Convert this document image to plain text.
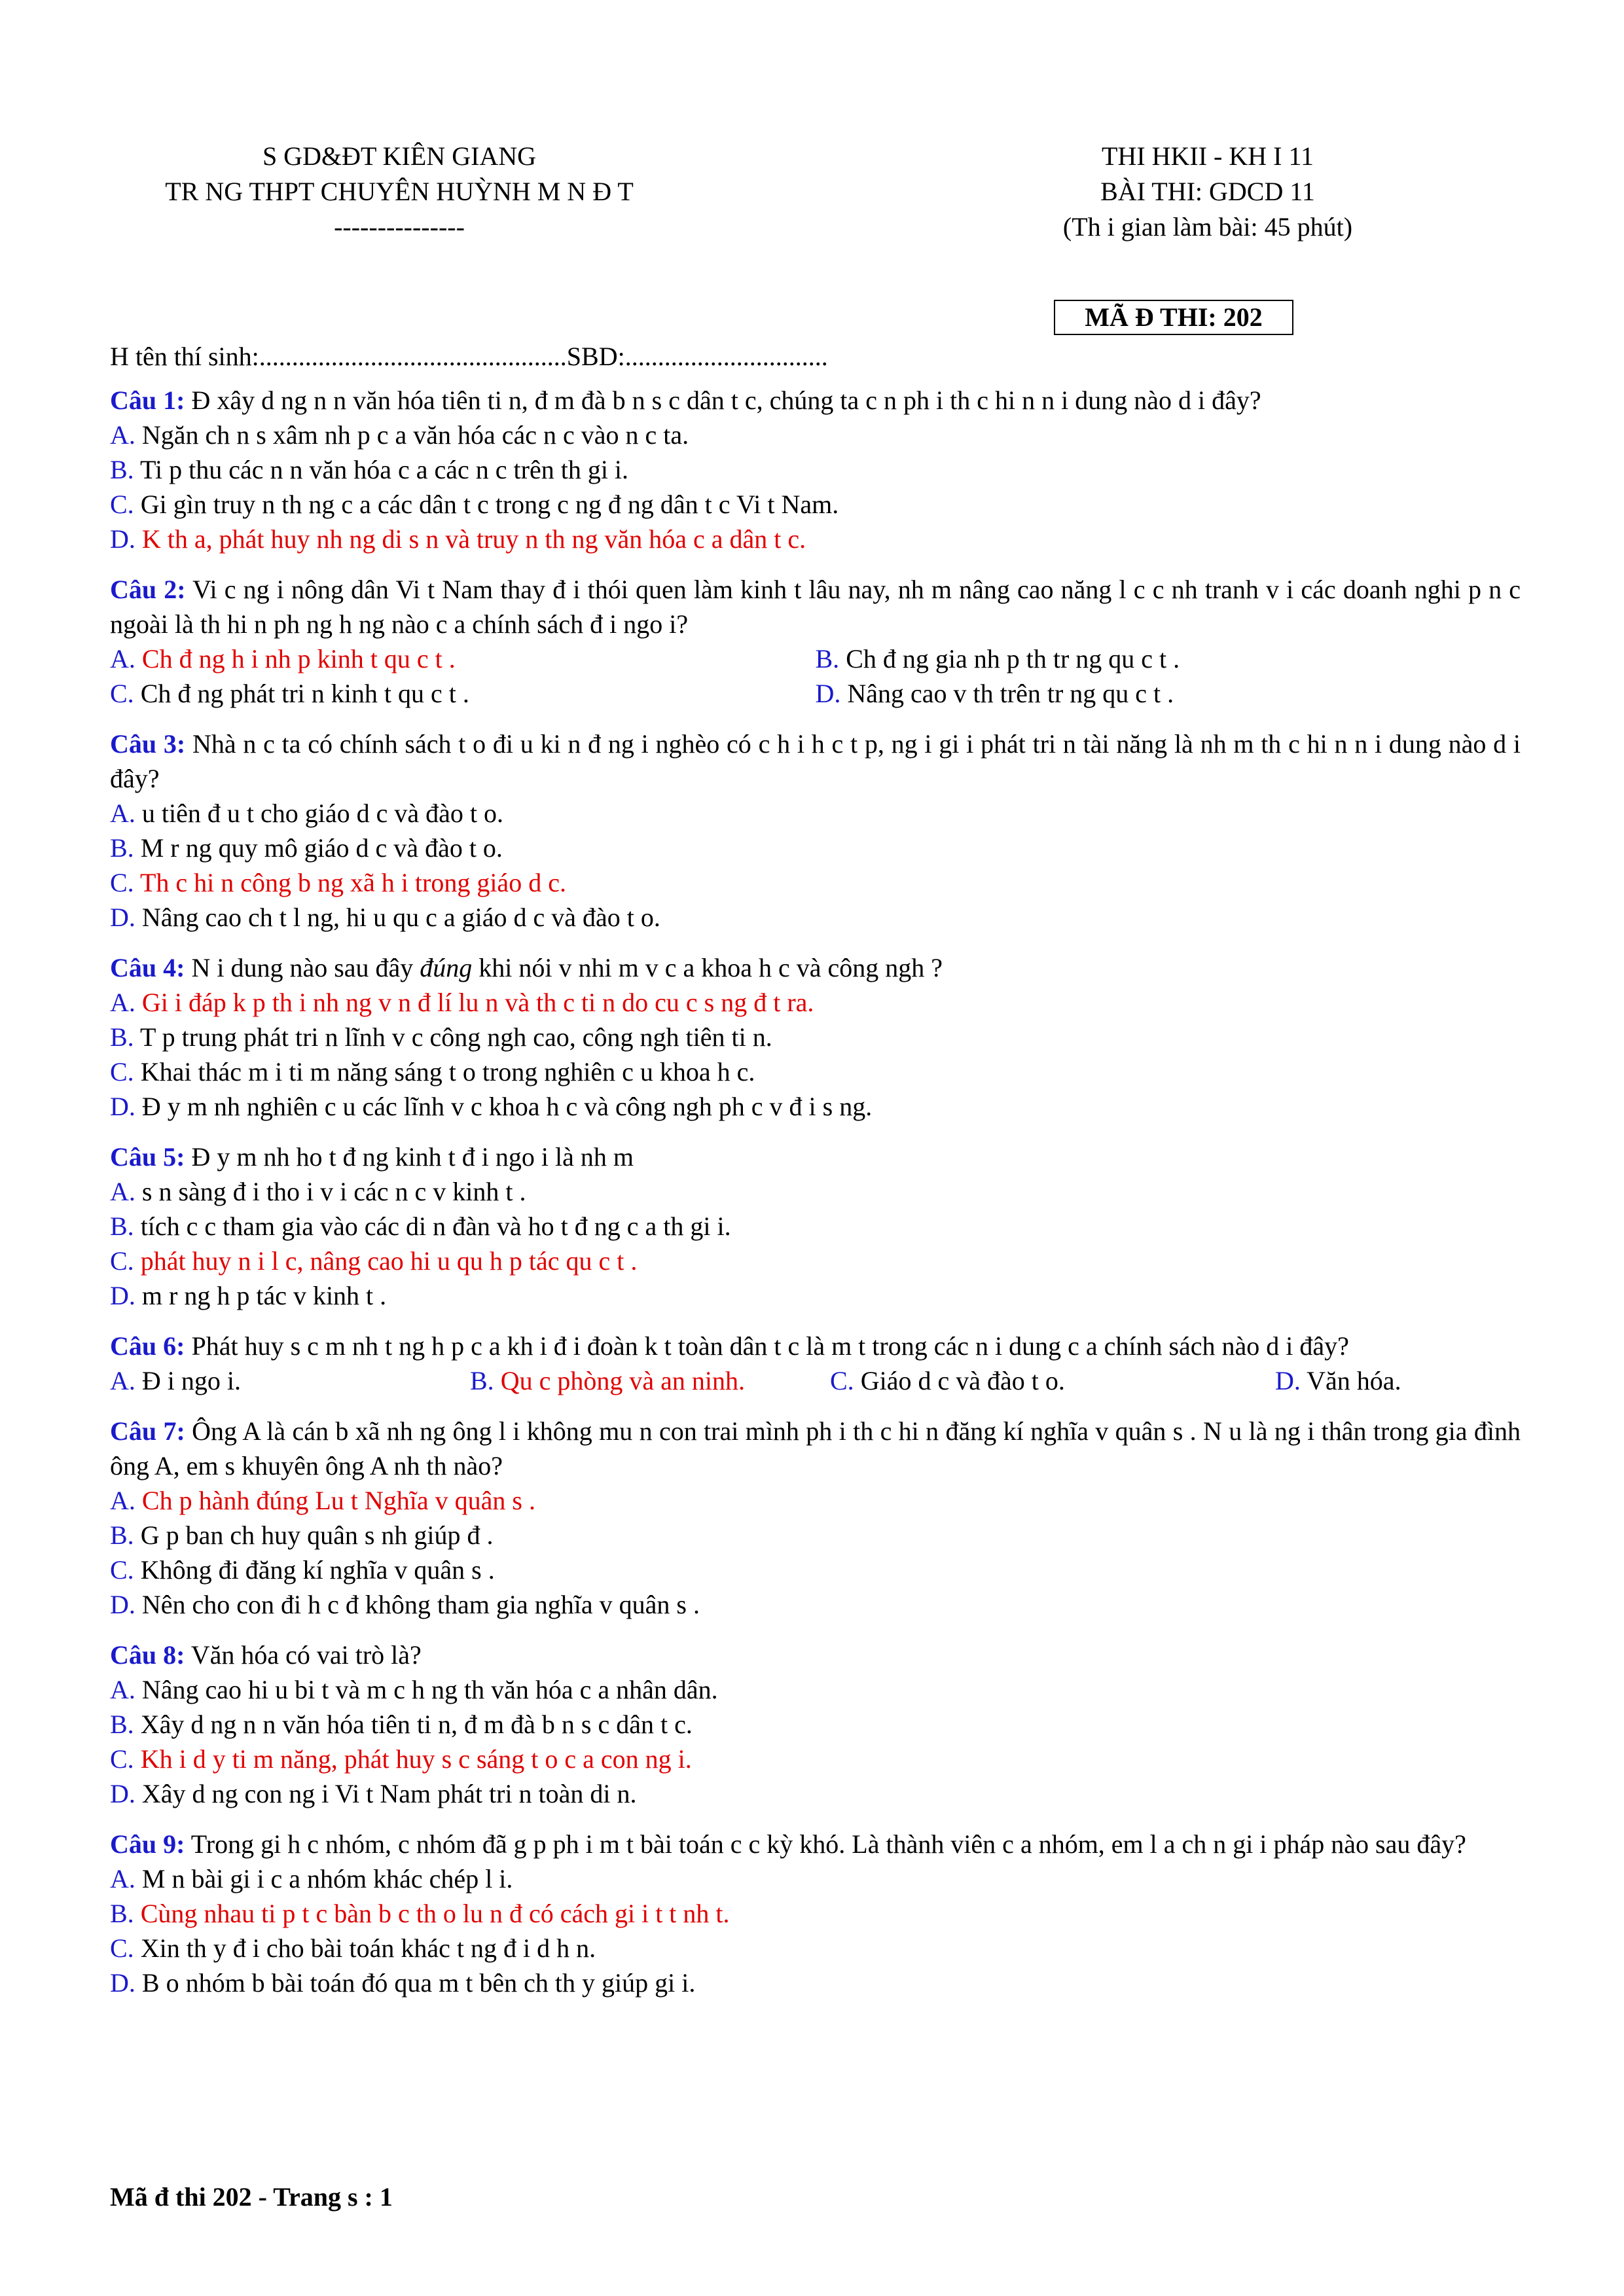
S GD&ĐT KIÊN GIANG
TR NG THPT CHUYÊN HUỲNH M N Đ T
---------------
THI HKII - KH I 11
BÀI THI: GDCD 11
(Th i gian làm bài: 45 phút)
MÃ Đ THI: 202
H tên thí sinh:...............................................SBD:...............................
Câu 1: Đ xây d ng n n văn hóa tiên ti n, đ m đà b n s c dân t c, chúng ta c n ph i th c hi n n i dung nào d i đây?
A. Ngăn ch n s xâm nh p c a văn hóa các n c vào n c ta.
B. Ti p thu các n n văn hóa c a các n c trên th gi i.
C. Gi gìn truy n th ng c a các dân t c trong c ng đ ng dân t c Vi t Nam.
D. K th a, phát huy nh ng di s n và truy n th ng văn hóa c a dân t c.
Câu 2: Vi c ng i nông dân Vi t Nam thay đ i thói quen làm kinh t lâu nay, nh m nâng cao năng l c c nh tranh v i các doanh nghi p n c ngoài là th hi n ph ng h ng nào c a chính sách đ i ngo i?
A. Ch đ ng h i nh p kinh t qu c t .	B. Ch đ ng gia nh p th tr ng qu c t .
C. Ch đ ng phát tri n kinh t qu c t .	D. Nâng cao v th trên tr ng qu c t .
Câu 3: Nhà n c ta có chính sách t o đi u ki n đ ng i nghèo có c h i h c t p, ng i gi i phát tri n tài năng là nh m th c hi n n i dung nào d i đây?
A. u tiên đ u t cho giáo d c và đào t o.
B. M r ng quy mô giáo d c và đào t o.
C. Th c hi n công b ng xã h i trong giáo d c.
D. Nâng cao ch t l ng, hi u qu c a giáo d c và đào t o.
Câu 4: N i dung nào sau đây đúng khi nói v nhi m v c a khoa h c và công ngh ?
A. Gi i đáp k p th i nh ng v n đ lí lu n và th c ti n do cu c s ng đ t ra.
B. T p trung phát tri n lĩnh v c công ngh cao, công ngh tiên ti n.
C. Khai thác m i ti m năng sáng t o trong nghiên c u khoa h c.
D. Đ y m nh nghiên c u các lĩnh v c khoa h c và công ngh ph c v đ i s ng.
Câu 5: Đ y m nh ho t đ ng kinh t đ i ngo i là nh m
A. s n sàng đ i tho i v i các n c v kinh t .
B. tích c c tham gia vào các di n đàn và ho t đ ng c a th gi i.
C. phát huy n i l c, nâng cao hi u qu h p tác qu c t .
D. m r ng h p tác v kinh t .
Câu 6: Phát huy s c m nh t ng h p c a kh i đ i đoàn k t toàn dân t c là m t trong các n i dung c a chính sách nào d i đây?
A. Đ i ngo i.	B. Qu c phòng và an ninh.	C. Giáo d c và đào t o.	D. Văn hóa.
Câu 7: Ông A là cán b xã nh ng ông l i không mu n con trai mình ph i th c hi n đăng kí nghĩa v quân s . N u là ng i thân trong gia đình ông A, em s khuyên ông A nh th nào?
A. Ch p hành đúng Lu t Nghĩa v quân s .
B. G p ban ch huy quân s nh giúp đ .
C. Không đi đăng kí nghĩa v quân s .
D. Nên cho con đi h c đ không tham gia nghĩa v quân s .
Câu 8: Văn hóa có vai trò là?
A. Nâng cao hi u bi t và m c h ng th văn hóa c a nhân dân.
B. Xây d ng n n văn hóa tiên ti n, đ m đà b n s c dân t c.
C. Kh i d y ti m năng, phát huy s c sáng t o c a con ng i.
D. Xây d ng con ng i Vi t Nam phát tri n toàn di n.
Câu 9: Trong gi h c nhóm, c nhóm đã g p ph i m t bài toán c c kỳ khó. Là thành viên c a nhóm, em l a ch n gi i pháp nào sau đây?
A. M n bài gi i c a nhóm khác chép l i.
B. Cùng nhau ti p t c bàn b c th o lu n đ có cách gi i t t nh t.
C. Xin th y đ i cho bài toán khác t ng đ i d h n.
D. B o nhóm b bài toán đó qua m t bên ch th y giúp gi i.
Mã đ thi 202 - Trang s : 1
